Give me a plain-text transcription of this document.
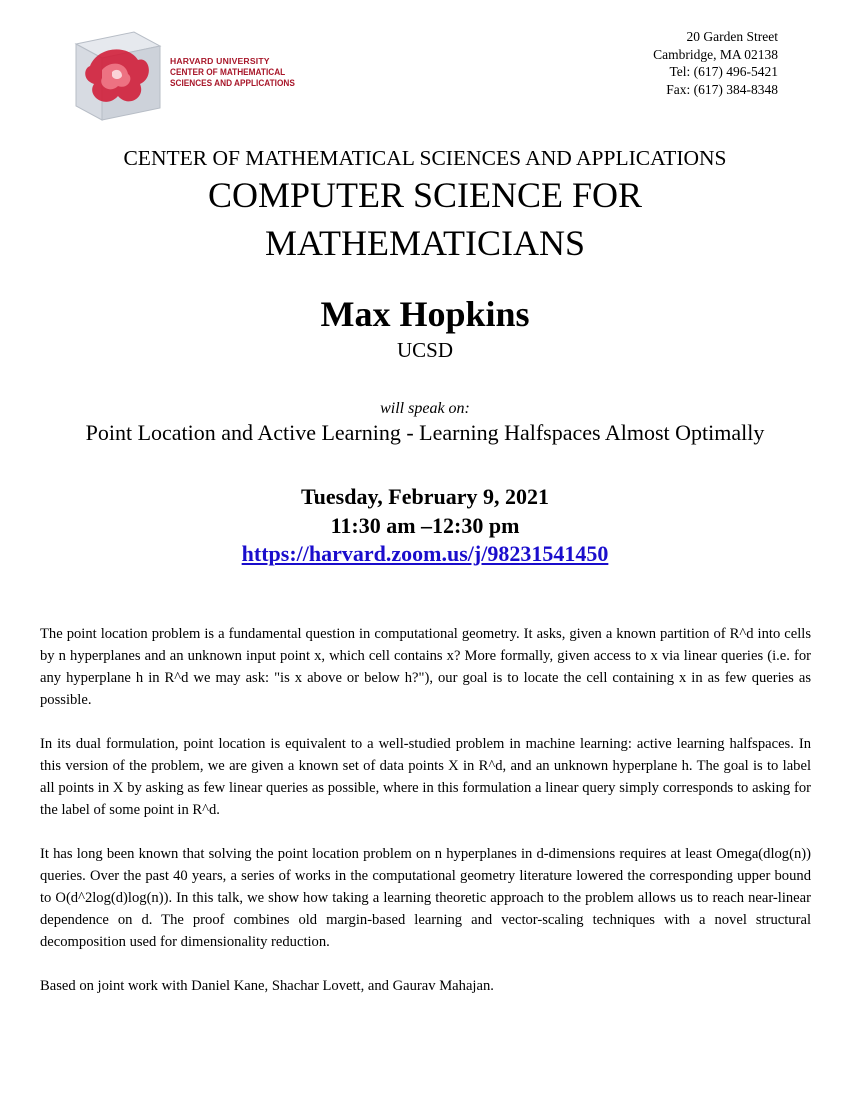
HARVARD UNIVERSITY
CENTER OF MATHEMATICAL
SCIENCES AND APPLICATIONS
20 Garden Street
Cambridge, MA 02138
Tel: (617) 496-5421
Fax: (617) 384-8348
CENTER OF MATHEMATICAL SCIENCES AND APPLICATIONS
COMPUTER SCIENCE FOR
MATHEMATICIANS
Max Hopkins
UCSD
will speak on:
Point Location and Active Learning - Learning Halfspaces Almost Optimally
Tuesday, February 9, 2021
11:30 am –12:30 pm
https://harvard.zoom.us/j/98231541450

The point location problem is a fundamental question in computational geometry. It asks, given a known partition of R^d into cells by n hyperplanes and an unknown input point x, which cell contains x? More formally, given access to x via linear queries (i.e. for any hyperplane h in R^d we may ask: "is x above or below h?"), our goal is to locate the cell containing x in as few queries as possible.

In its dual formulation, point location is equivalent to a well-studied problem in machine learning: active learning halfspaces. In this version of the problem, we are given a known set of data points X in R^d, and an unknown hyperplane h. The goal is to label all points in X by asking as few linear queries as possible, where in this formulation a linear query simply corresponds to asking for the label of some point in R^d.

It has long been known that solving the point location problem on n hyperplanes in d-dimensions requires at least Omega(dlog(n)) queries. Over the past 40 years, a series of works in the computational geometry literature lowered the corresponding upper bound to O(d^2log(d)log(n)). In this talk, we show how taking a learning theoretic approach to the problem allows us to reach near-linear dependence on d. The proof combines old margin-based learning and vector-scaling techniques with a novel structural decomposition used for dimensionality reduction.

Based on joint work with Daniel Kane, Shachar Lovett, and Gaurav Mahajan.
